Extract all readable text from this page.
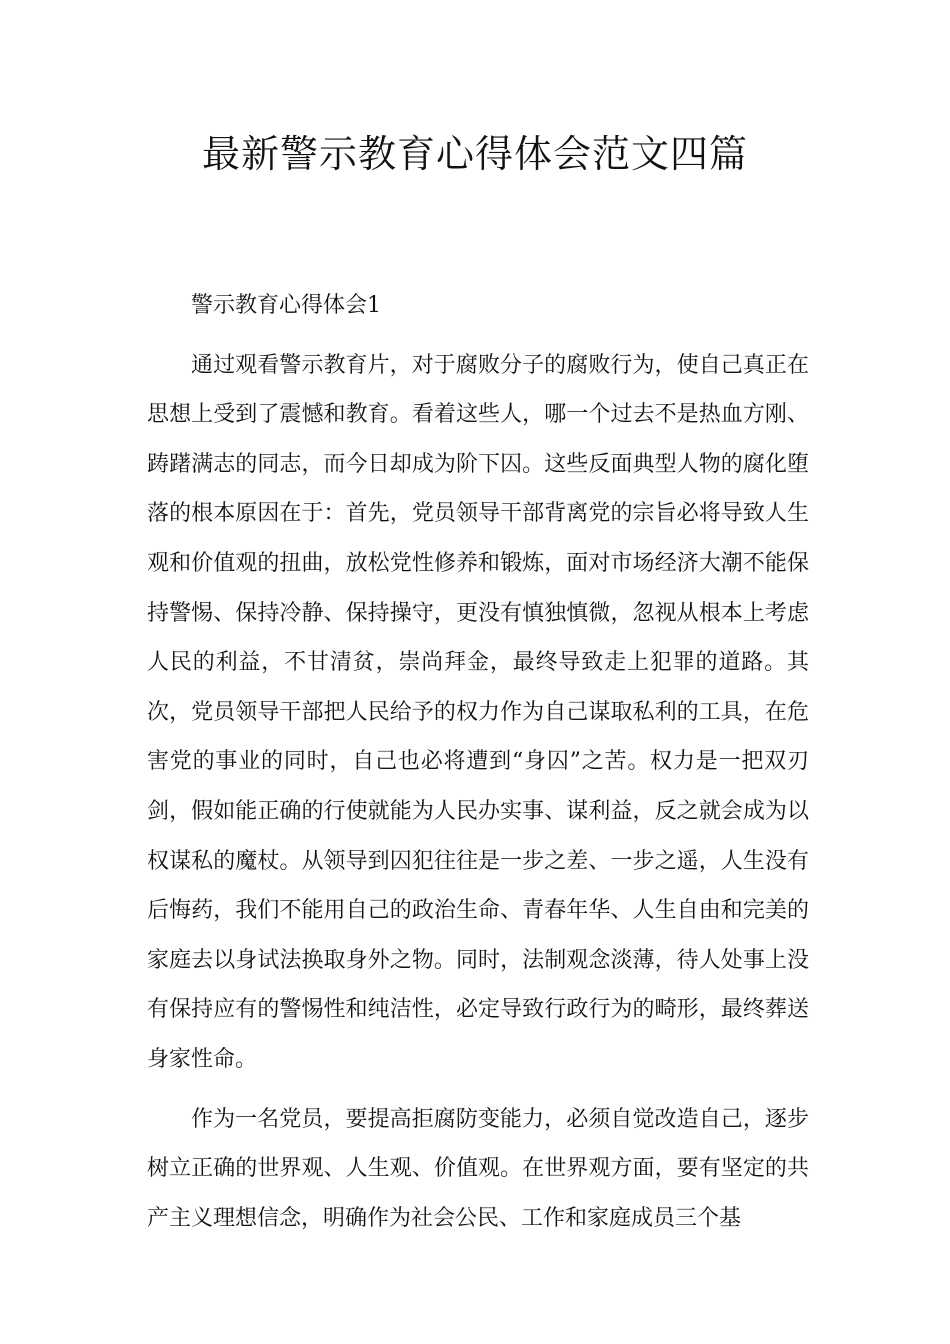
最新警示教育心得体会范文四篇

警示教育心得体会1

通过观看警示教育片，对于腐败分子的腐败行为，使自己真正在思想上受到了震憾和教育。看着这些人，哪一个过去不是热血方刚、踌躇满志的同志，而今日却成为阶下囚。这些反面典型人物的腐化堕落的根本原因在于：首先，党员领导干部背离党的宗旨必将导致人生观和价值观的扭曲，放松党性修养和锻炼，面对市场经济大潮不能保持警惕、保持冷静、保持操守，更没有慎独慎微，忽视从根本上考虑人民的利益，不甘清贫，崇尚拜金，最终导致走上犯罪的道路。其次，党员领导干部把人民给予的权力作为自己谋取私利的工具，在危害党的事业的同时，自己也必将遭到“身囚”之苦。权力是一把双刃剑，假如能正确的行使就能为人民办实事、谋利益，反之就会成为以权谋私的魔杖。从领导到囚犯往往是一步之差、一步之遥，人生没有后悔药，我们不能用自己的政治生命、青春年华、人生自由和完美的家庭去以身试法换取身外之物。同时，法制观念淡薄，待人处事上没有保持应有的警惕性和纯洁性，必定导致行政行为的畸形，最终葬送身家性命。

作为一名党员，要提高拒腐防变能力，必须自觉改造自己，逐步树立正确的世界观、人生观、价值观。在世界观方面，要有坚定的共产主义理想信念，明确作为社会公民、工作和家庭成员三个基
